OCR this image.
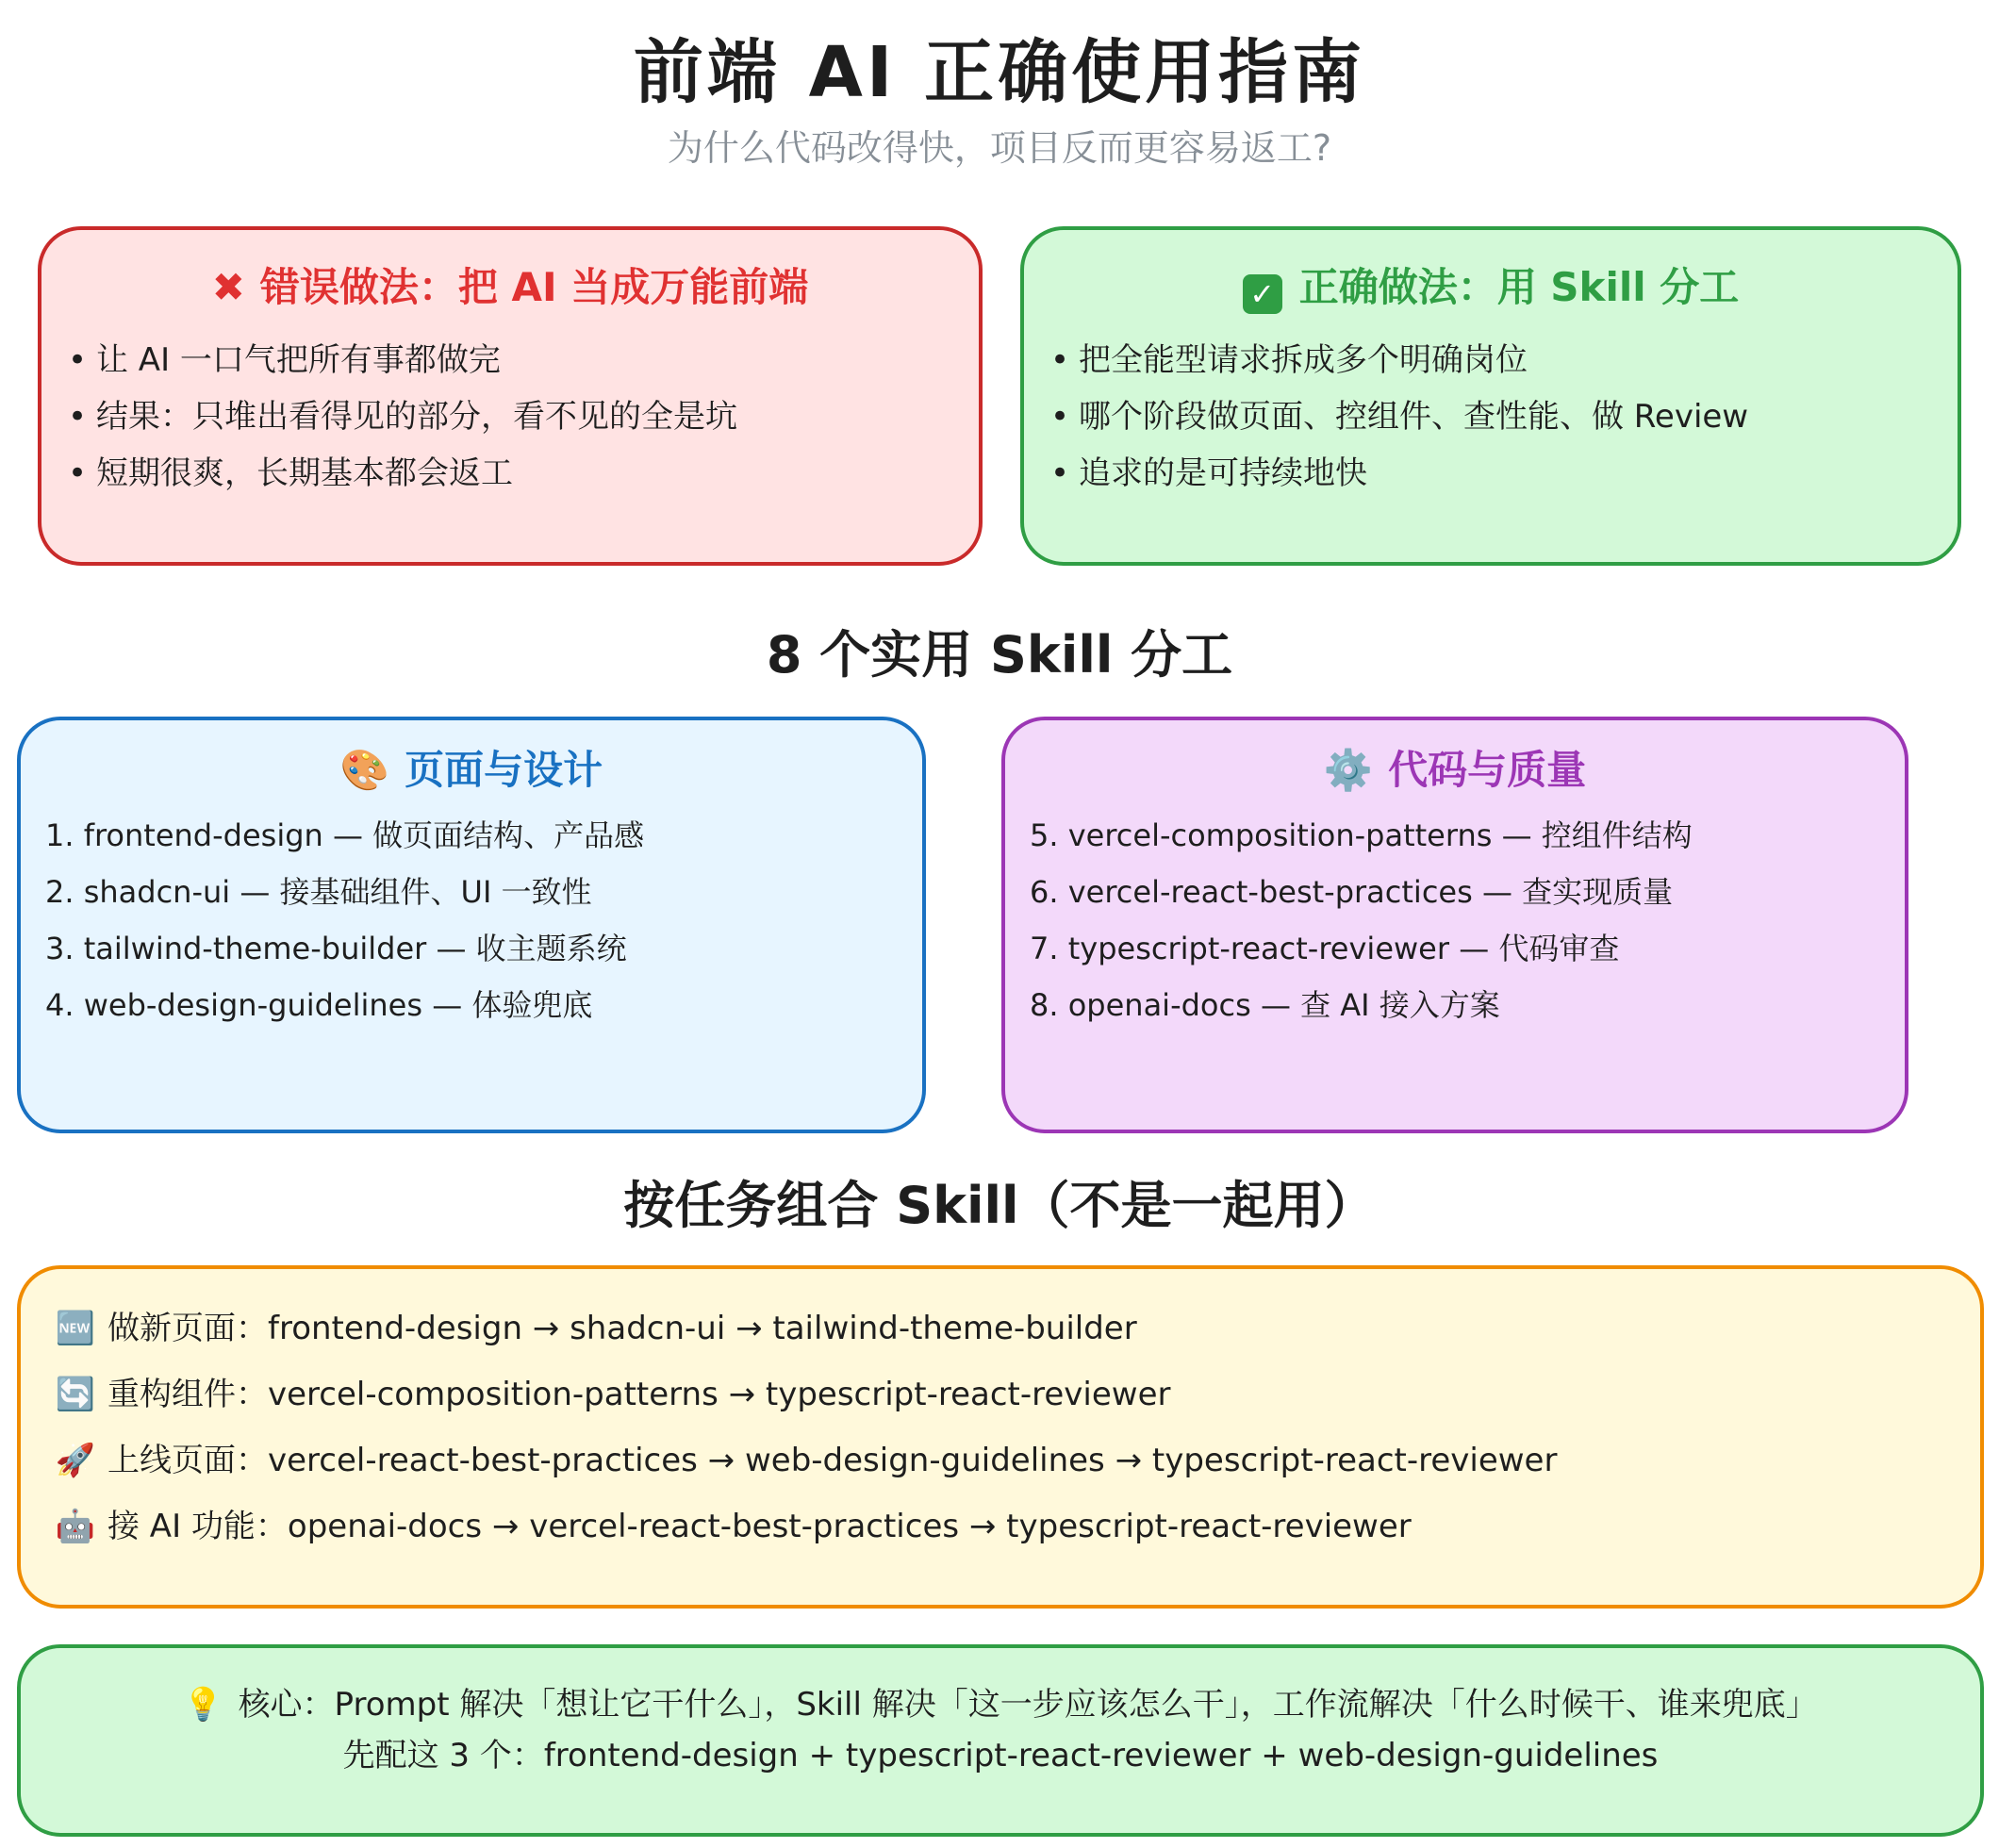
前端 AI 正确使用指南
为什么代码改得快，项目反而更容易返工?
✖ 错误做法：把 AI 当成万能前端
• 让 AI 一口气把所有事都做完
• 结果：只堆出看得见的部分，看不见的全是坑
• 短期很爽，长期基本都会返工
✓ 正确做法：用 Skill 分工
• 把全能型请求拆成多个明确岗位
• 哪个阶段做页面、控组件、查性能、做 Review
• 追求的是可持续地快
8 个实用 Skill 分工
🎨 页面与设计
1. frontend-design — 做页面结构、产品感
2. shadcn-ui — 接基础组件、UI 一致性
3. tailwind-theme-builder — 收主题系统
4. web-design-guidelines — 体验兜底
⚙️ 代码与质量
5. vercel-composition-patterns — 控组件结构
6. vercel-react-best-practices — 查实现质量
7. typescript-react-reviewer — 代码审查
8. openai-docs — 查 AI 接入方案
按任务组合 Skill（不是一起用）
🆕 做新页面：frontend-design → shadcn-ui → tailwind-theme-builder
🔄 重构组件：vercel-composition-patterns → typescript-react-reviewer
🚀 上线页面：vercel-react-best-practices → web-design-guidelines → typescript-react-reviewer
🤖 接 AI 功能：openai-docs → vercel-react-best-practices → typescript-react-reviewer
💡 核心：Prompt 解决「想让它干什么」，Skill 解决「这一步应该怎么干」，工作流解决「什么时候干、谁来兜底」
先配这 3 个：frontend-design + typescript-react-reviewer + web-design-guidelines
